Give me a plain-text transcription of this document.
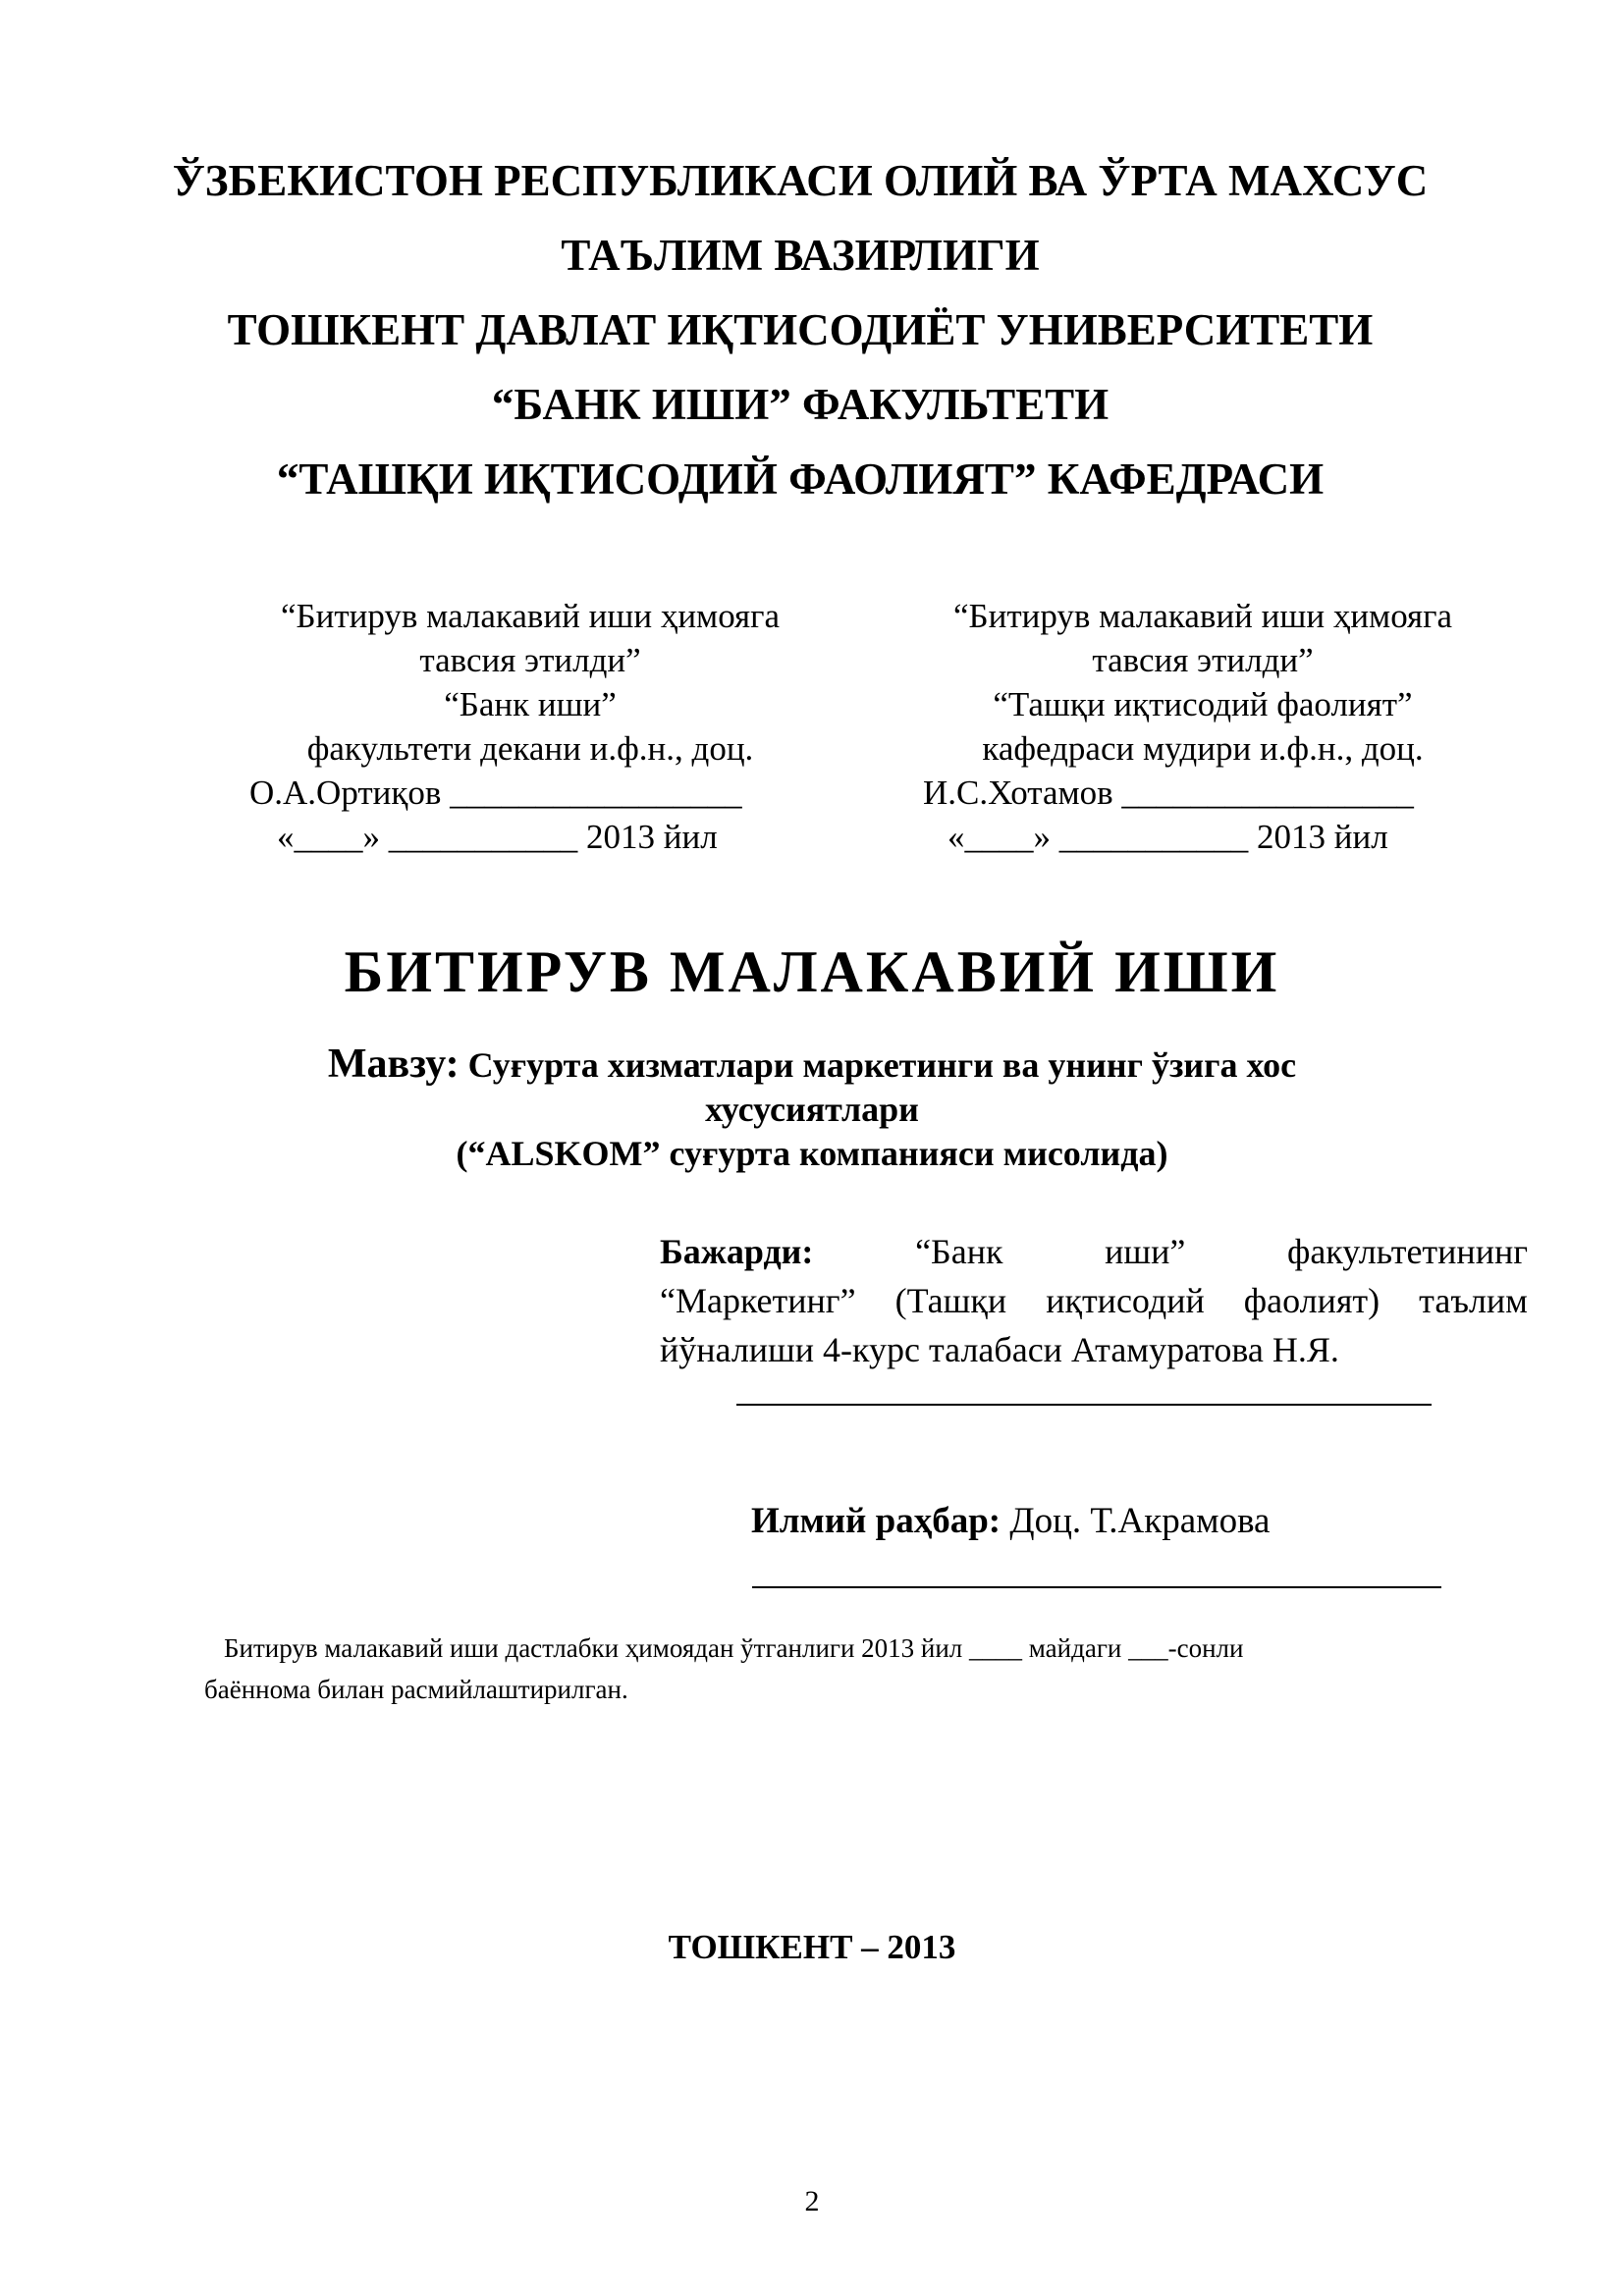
ЎЗБЕКИСТОН РЕСПУБЛИКАСИ ОЛИЙ ВА ЎРТА МАХСУС
ТАЪЛИМ ВАЗИРЛИГИ
ТОШКЕНТ ДАВЛАТ ИҚТИСОДИЁТ УНИВЕРСИТЕТИ
“БАНК ИШИ” ФАКУЛЬТЕТИ
“ТАШҚИ ИҚТИСОДИЙ ФАОЛИЯТ” КАФЕДРАСИ
“Битирув малакавий иши ҳимояга
тавсия этилди”
“Банк иши”
факультети декани и.ф.н., доц.
О.А.Ортиқов _________________
«____» ___________ 2013 йил
“Битирув малакавий иши ҳимояга
тавсия этилди”
“Ташқи иқтисодий фаолият”
кафедраси мудири и.ф.н., доц.
И.С.Хотамов _________________
«____» ___________ 2013 йил
БИТИРУВ МАЛАКАВИЙ ИШИ
Мавзу: Суғурта хизматлари маркетинги ва унинг ўзига хос
хусусиятлари
(“ALSKOM” суғурта компанияси мисолида)
Бажарди:	“Банк	иши”	факультетининг
“Маркетинг” (Ташқи иқтисодий фаолият) таълим
йўналиши 4-курс талабаси Атамуратова Н.Я.
Илмий раҳбар: Доц. Т.Акрамова
Битирув малакавий иши дастлабки ҳимоядан ўтганлиги 2013 йил ____ майдаги ___-сонли
баённома билан расмийлаштирилган.
ТОШКЕНТ – 2013
2
